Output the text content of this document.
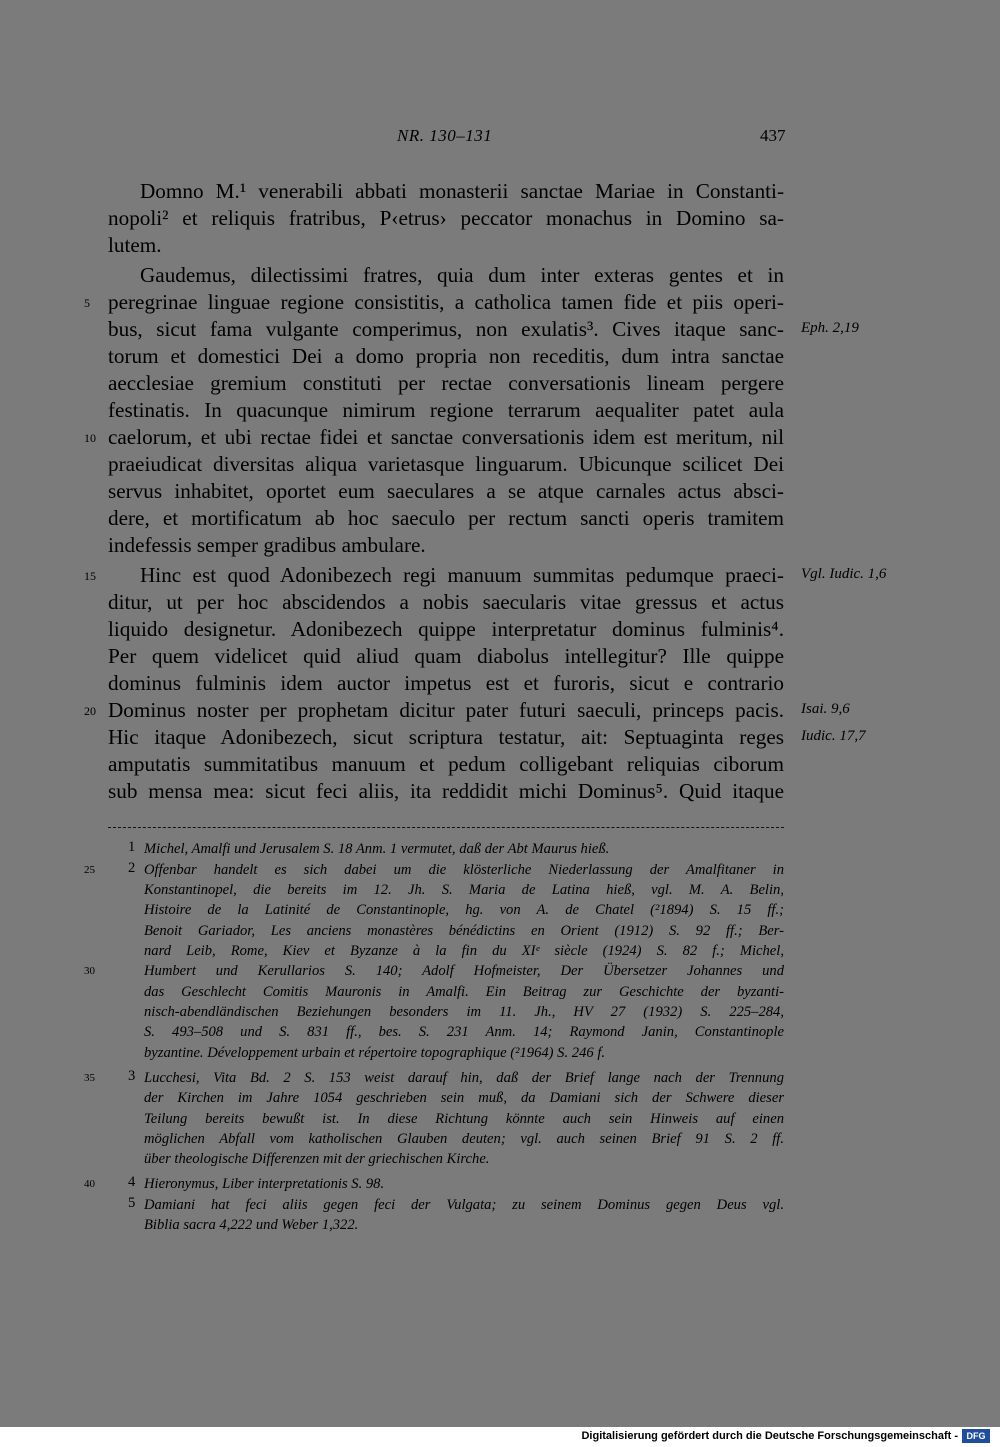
NR. 130–131	437
Domno M.¹ venerabili abbati monasterii sanctae Mariae in Constanti-
nopoli² et reliquis fratribus, P‹etrus› peccator monachus in Domino sa-
lutem.
Gaudemus, dilectissimi fratres, quia dum inter exteras gentes et in
peregrinae linguae regione consistitis, a catholica tamen fide et piis operi-
bus, sicut fama vulgante comperimus, non exulatis³. Cives itaque sanc-
torum et domestici Dei a domo propria non receditis, dum intra sanctae
aecclesiae gremium constituti per rectae conversationis lineam pergere
festinatis. In quacunque nimirum regione terrarum aequaliter patet aula
caelorum, et ubi rectae fidei et sanctae conversationis idem est meritum, nil
praeiudicat diversitas aliqua varietasque linguarum. Ubicunque scilicet Dei
servus inhabitet, oportet eum saeculares a se atque carnales actus absci-
dere, et mortificatum ab hoc saeculo per rectum sancti operis tramitem
indefessis semper gradibus ambulare.
Hinc est quod Adonibezech regi manuum summitas pedumque praeci-
ditur, ut per hoc abscidendos a nobis saecularis vitae gressus et actus
liquido designetur. Adonibezech quippe interpretatur dominus fulminis⁴.
Per quem videlicet quid aliud quam diabolus intellegitur? Ille quippe
dominus fulminis idem auctor impetus est et furoris, sicut e contrario
Dominus noster per prophetam dicitur pater futuri saeculi, princeps pacis.
Hic itaque Adonibezech, sicut scriptura testatur, ait: Septuaginta reges
amputatis summitatibus manuum et pedum colligebant reliquias ciborum
sub mensa mea: sicut feci aliis, ita reddidit michi Dominus⁵. Quid itaque
5
10
15
20
Eph. 2,19
Vgl. Iudic. 1,6
Isai. 9,6
Iudic. 17,7
1 Michel, Amalfi und Jerusalem S. 18 Anm. 1 vermutet, daß der Abt Maurus hieß.
2 Offenbar handelt es sich dabei um die klösterliche Niederlassung der Amalfitaner in
Konstantinopel, die bereits im 12. Jh. S. Maria de Latina hieß, vgl. M. A. Belin,
Histoire de la Latinité de Constantinople, hg. von A. de Chatel (²1894) S. 15 ff.;
Benoit Gariador, Les anciens monastères bénédictins en Orient (1912) S. 92 ff.; Ber-
nard Leib, Rome, Kiev et Byzanze à la fin du XIᵉ siècle (1924) S. 82 f.; Michel,
Humbert und Kerullarios S. 140; Adolf Hofmeister, Der Übersetzer Johannes und
das Geschlecht Comitis Mauronis in Amalfi. Ein Beitrag zur Geschichte der byzanti-
nisch-abendländischen Beziehungen besonders im 11. Jh., HV 27 (1932) S. 225–284,
S. 493–508 und S. 831 ff., bes. S. 231 Anm. 14; Raymond Janin, Constantinople
byzantine. Développement urbain et répertoire topographique (²1964) S. 246 f.
3 Lucchesi, Vita Bd. 2 S. 153 weist darauf hin, daß der Brief lange nach der Trennung
der Kirchen im Jahre 1054 geschrieben sein muß, da Damiani sich der Schwere dieser
Teilung bereits bewußt ist. In diese Richtung könnte auch sein Hinweis auf einen
möglichen Abfall vom katholischen Glauben deuten; vgl. auch seinen Brief 91 S. 2 ff.
über theologische Differenzen mit der griechischen Kirche.
4 Hieronymus, Liber interpretationis S. 98.
5 Damiani hat feci aliis gegen feci der Vulgata; zu seinem Dominus gegen Deus vgl.
Biblia sacra 4,222 und Weber 1,322.
25
30
35
40
Digitalisierung gefördert durch die Deutsche Forschungsgemeinschaft - DFG
